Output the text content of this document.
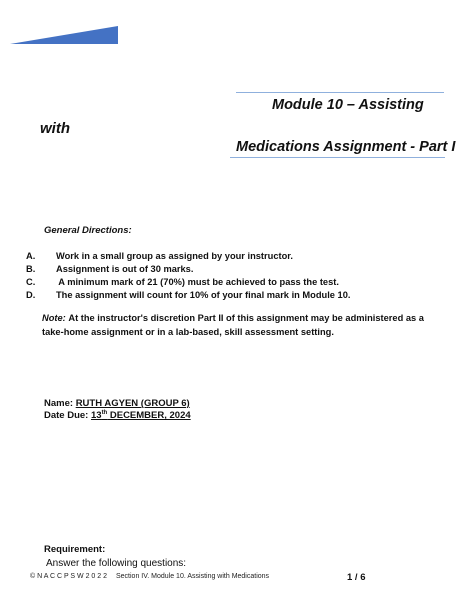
Module 10 – Assisting
with
Medications Assignment - Part I
General Directions:
A. Work in a small group as assigned by your instructor.
B. Assignment is out of 30 marks.
C. A minimum mark of 21 (70%) must be achieved to pass the test.
D. The assignment will count for 10% of your final mark in Module 10.
Note: At the instructor's discretion Part II of this assignment may be administered as a take-home assignment or in a lab-based, skill assessment setting.
Name: RUTH AGYEN (GROUP 6)
Date Due: 13th DECEMBER, 2024
Requirement:
Answer the following questions:
© N A C C P S W 2 0 2 2 Section IV. Module 10. Assisting with Medications	1 / 6
